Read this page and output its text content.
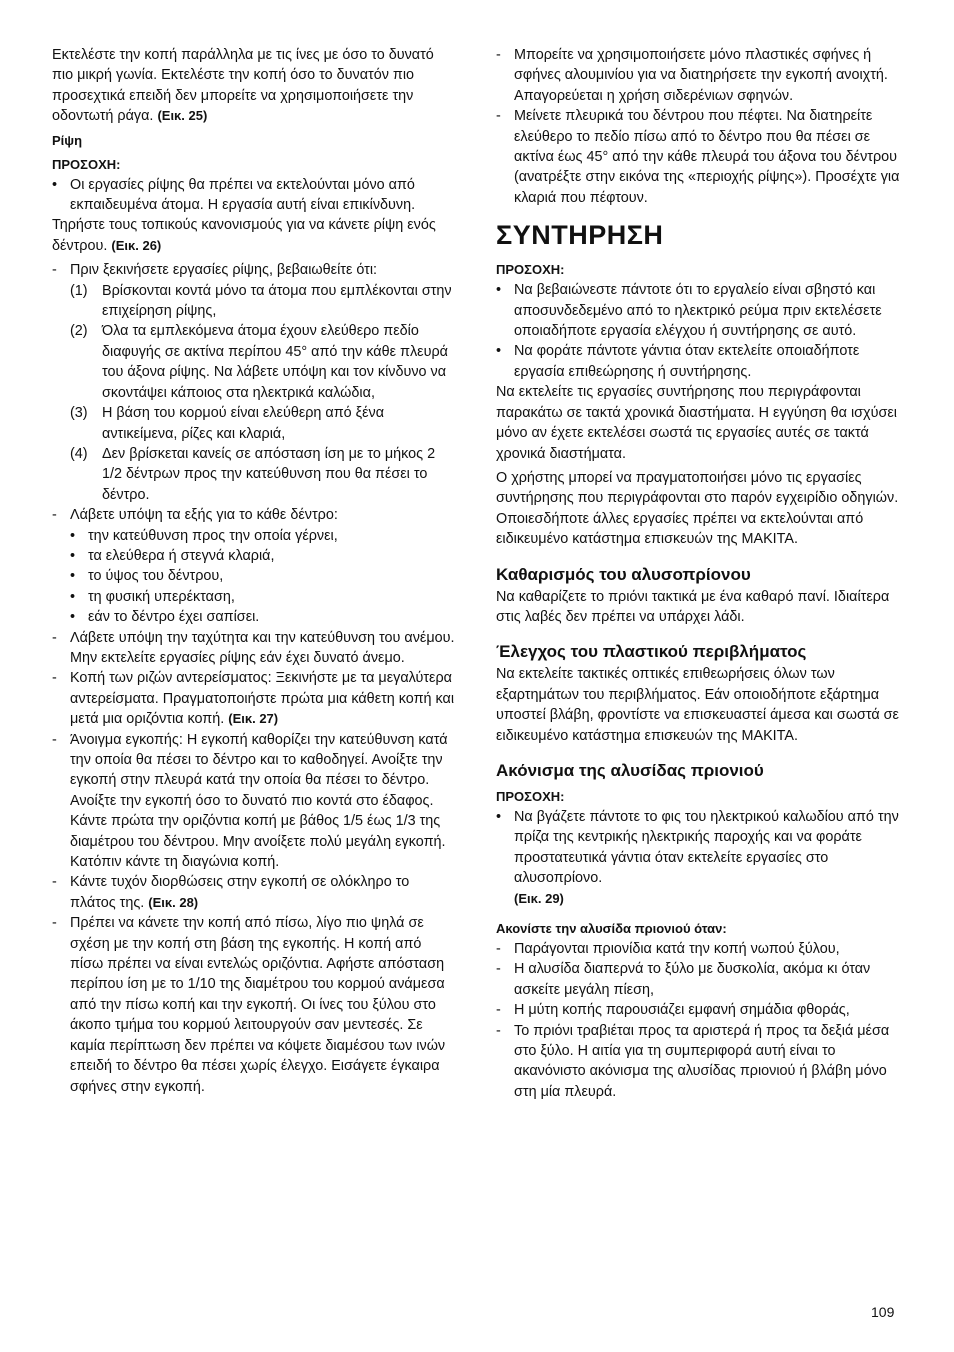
Εκτελέστε την κοπή παράλληλα με τις ίνες με όσο το δυνατό πιο μικρή γωνία. Εκτελέστε την κοπή όσο το δυνατόν πιο προσεχτικά επειδή δεν μπορείτε να χρησιμοποιήσετε την οδοντωτή ράγα. (Εικ. 25)

Ρίψη

ΠΡΟΣΟΧΗ:

• Οι εργασίες ρίψης θα πρέπει να εκτελούνται μόνο από εκπαιδευμένα άτομα. Η εργασία αυτή είναι επικίνδυνη.

Τηρήστε τους τοπικούς κανονισμούς για να κάνετε ρίψη ενός δέντρου. (Εικ. 26)

- Πριν ξεκινήσετε εργασίες ρίψης, βεβαιωθείτε ότι:

(1) Βρίσκονται κοντά μόνο τα άτομα που εμπλέκονται στην επιχείρηση ρίψης,

(2) Όλα τα εμπλεκόμενα άτομα έχουν ελεύθερο πεδίο διαφυγής σε ακτίνα περίπου 45° από την κάθε πλευρά του άξονα ρίψης. Να λάβετε υπόψη και τον κίνδυνο να σκοντάψει κάποιος στα ηλεκτρικά καλώδια,

(3) Η βάση του κορμού είναι ελεύθερη από ξένα αντικείμενα, ρίζες και κλαριά,

(4) Δεν βρίσκεται κανείς σε απόσταση ίση με το μήκος 2 1/2 δέντρων προς την κατεύθυνση που θα πέσει το δέντρο.

- Λάβετε υπόψη τα εξής για το κάθε δέντρο:

• την κατεύθυνση προς την οποία γέρνει,

• τα ελεύθερα ή στεγνά κλαριά,

• το ύψος του δέντρου,

• τη φυσική υπερέκταση,

• εάν το δέντρο έχει σαπίσει.

- Λάβετε υπόψη την ταχύτητα και την κατεύθυνση του ανέμου. Μην εκτελείτε εργασίες ρίψης εάν έχει δυνατό άνεμο.

- Κοπή των ριζών αντερείσματος: Ξεκινήστε με τα μεγαλύτερα αντερείσματα. Πραγματοποιήστε πρώτα μια κάθετη κοπή και μετά μια οριζόντια κοπή. (Εικ. 27)

- Άνοιγμα εγκοπής: Η εγκοπή καθορίζει την κατεύθυνση κατά την οποία θα πέσει το δέντρο και το καθοδηγεί. Ανοίξτε την εγκοπή στην πλευρά κατά την οποία θα πέσει το δέντρο. Ανοίξτε την εγκοπή όσο το δυνατό πιο κοντά στο έδαφος. Κάντε πρώτα την οριζόντια κοπή με βάθος 1/5 έως 1/3 της διαμέτρου του δέντρου. Μην ανοίξετε πολύ μεγάλη εγκοπή. Κατόπιν κάντε τη διαγώνια κοπή.

- Κάντε τυχόν διορθώσεις στην εγκοπή σε ολόκληρο το πλάτος της. (Εικ. 28)

- Πρέπει να κάνετε την κοπή από πίσω, λίγο πιο ψηλά σε σχέση με την κοπή στη βάση της εγκοπής. Η κοπή από πίσω πρέπει να είναι εντελώς οριζόντια. Αφήστε απόσταση περίπου ίση με το 1/10 της διαμέτρου του κορμού ανάμεσα από την πίσω κοπή και την εγκοπή. Οι ίνες του ξύλου στο άκοπο τμήμα του κορμού λειτουργούν σαν μεντεσές. Σε καμία περίπτωση δεν πρέπει να κόψετε διαμέσου των ινών επειδή το δέντρο θα πέσει χωρίς έλεγχο. Εισάγετε έγκαιρα σφήνες στην εγκοπή.

- Μπορείτε να χρησιμοποιήσετε μόνο πλαστικές σφήνες ή σφήνες αλουμινίου για να διατηρήσετε την εγκοπή ανοιχτή. Απαγορεύεται η χρήση σιδερένιων σφηνών.

- Μείνετε πλευρικά του δέντρου που πέφτει. Να διατηρείτε ελεύθερο το πεδίο πίσω από το δέντρο που θα πέσει σε ακτίνα έως 45° από την κάθε πλευρά του άξονα του δέντρου (ανατρέξτε στην εικόνα της «περιοχής ρίψης»). Προσέχτε για κλαριά που πέφτουν.

ΣΥΝΤΗΡΗΣΗ

ΠΡΟΣΟΧΗ:

• Να βεβαιώνεστε πάντοτε ότι το εργαλείο είναι σβηστό και αποσυνδεδεμένο από το ηλεκτρικό ρεύμα πριν εκτελέσετε οποιαδήποτε εργασία ελέγχου ή συντήρησης σε αυτό.

• Να φοράτε πάντοτε γάντια όταν εκτελείτε οποιαδήποτε εργασία επιθεώρησης ή συντήρησης.

Να εκτελείτε τις εργασίες συντήρησης που περιγράφονται παρακάτω σε τακτά χρονικά διαστήματα. Η εγγύηση θα ισχύσει μόνο αν έχετε εκτελέσει σωστά τις εργασίες αυτές σε τακτά χρονικά διαστήματα.

Ο χρήστης μπορεί να πραγματοποιήσει μόνο τις εργασίες συντήρησης που περιγράφονται στο παρόν εγχειρίδιο οδηγιών. Οποιεσδήποτε άλλες εργασίες πρέπει να εκτελούνται από ειδικευμένο κατάστημα επισκευών της MAKITA.

Καθαρισμός του αλυσοπρίονου

Να καθαρίζετε το πριόνι τακτικά με ένα καθαρό πανί. Ιδιαίτερα στις λαβές δεν πρέπει να υπάρχει λάδι.

Έλεγχος του πλαστικού περιβλήματος

Να εκτελείτε τακτικές οπτικές επιθεωρήσεις όλων των εξαρτημάτων του περιβλήματος. Εάν οποιοδήποτε εξάρτημα υποστεί βλάβη, φροντίστε να επισκευαστεί άμεσα και σωστά σε ειδικευμένο κατάστημα επισκευών της MAKITA.

Ακόνισμα της αλυσίδας πριονιού

ΠΡΟΣΟΧΗ:

• Να βγάζετε πάντοτε το φις του ηλεκτρικού καλωδίου από την πρίζα της κεντρικής ηλεκτρικής παροχής και να φοράτε προστατευτικά γάντια όταν εκτελείτε εργασίες στο αλυσοπρίονο.

(Εικ. 29)

Ακονίστε την αλυσίδα πριονιού όταν:

- Παράγονται πριονίδια κατά την κοπή νωπού ξύλου,

- Η αλυσίδα διαπερνά το ξύλο με δυσκολία, ακόμα κι όταν ασκείτε μεγάλη πίεση,

- Η μύτη κοπής παρουσιάζει εμφανή σημάδια φθοράς,

- Το πριόνι τραβιέται προς τα αριστερά ή προς τα δεξιά μέσα στο ξύλο. Η αιτία για τη συμπεριφορά αυτή είναι το ακανόνιστο ακόνισμα της αλυσίδας πριονιού ή βλάβη μόνο στη μία πλευρά.

109
